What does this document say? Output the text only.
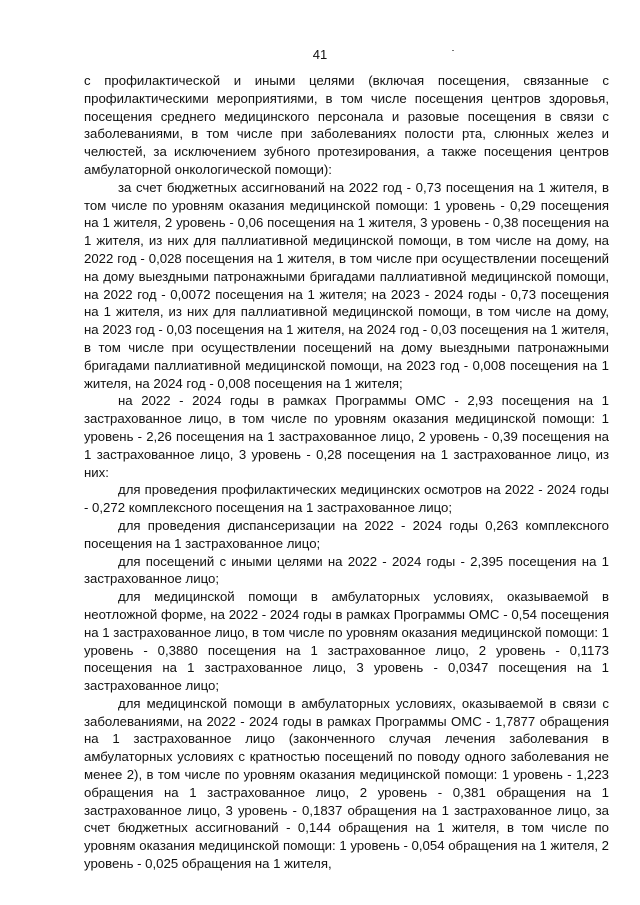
41

с профилактической и иными целями (включая посещения, связанные с профилактическими мероприятиями, в том числе посещения центров здоровья, посещения среднего медицинского персонала и разовые посещения в связи с заболеваниями, в том числе при заболеваниях полости рта, слюнных желез и челюстей, за исключением зубного протезирования, а также посещения центров амбулаторной онкологической помощи):

за счет бюджетных ассигнований на 2022 год - 0,73 посещения на 1 жителя, в том числе по уровням оказания медицинской помощи: 1 уровень - 0,29 посещения на 1 жителя, 2 уровень - 0,06 посещения на 1 жителя, 3 уровень - 0,38 посещения на 1 жителя, из них для паллиативной медицинской помощи, в том числе на дому, на 2022 год - 0,028 посещения на 1 жителя, в том числе при осуществлении посещений на дому выездными патронажными бригадами паллиативной медицинской помощи, на 2022 год - 0,0072 посещения на 1 жителя; на 2023 - 2024 годы - 0,73 посещения на 1 жителя, из них для паллиативной медицинской помощи, в том числе на дому, на 2023 год - 0,03 посещения на 1 жителя, на 2024 год - 0,03 посещения на 1 жителя, в том числе при осуществлении посещений на дому выездными патронажными бригадами паллиативной медицинской помощи, на 2023 год - 0,008 посещения на 1 жителя, на 2024 год - 0,008 посещения на 1 жителя;

на 2022 - 2024 годы в рамках Программы ОМС - 2,93 посещения на 1 застрахованное лицо, в том числе по уровням оказания медицинской помощи: 1 уровень - 2,26 посещения на 1 застрахованное лицо, 2 уровень - 0,39 посещения на 1 застрахованное лицо, 3 уровень - 0,28 посещения на 1 застрахованное лицо, из них:

для проведения профилактических медицинских осмотров на 2022 - 2024 годы - 0,272 комплексного посещения на 1 застрахованное лицо;

для проведения диспансеризации на 2022 - 2024 годы 0,263 комплексного посещения на 1 застрахованное лицо;

для посещений с иными целями на 2022 - 2024 годы - 2,395 посещения на 1 застрахованное лицо;

для медицинской помощи в амбулаторных условиях, оказываемой в неотложной форме, на 2022 - 2024 годы в рамках Программы ОМС - 0,54 посещения на 1 застрахованное лицо, в том числе по уровням оказания медицинской помощи: 1 уровень - 0,3880 посещения на 1 застрахованное лицо, 2 уровень - 0,1173 посещения на 1 застрахованное лицо, 3 уровень - 0,0347 посещения на 1 застрахованное лицо;

для медицинской помощи в амбулаторных условиях, оказываемой в связи с заболеваниями, на 2022 - 2024 годы в рамках Программы ОМС - 1,7877 обращения на 1 застрахованное лицо (законченного случая лечения заболевания в амбулаторных условиях с кратностью посещений по поводу одного заболевания не менее 2), в том числе по уровням оказания медицинской помощи: 1 уровень - 1,223 обращения на 1 застрахованное лицо, 2 уровень - 0,381 обращения на 1 застрахованное лицо, 3 уровень - 0,1837 обращения на 1 застрахованное лицо, за счет бюджетных ассигнований - 0,144 обращения на 1 жителя, в том числе по уровням оказания медицинской помощи: 1 уровень - 0,054 обращения на 1 жителя, 2 уровень - 0,025 обращения на 1 жителя,
